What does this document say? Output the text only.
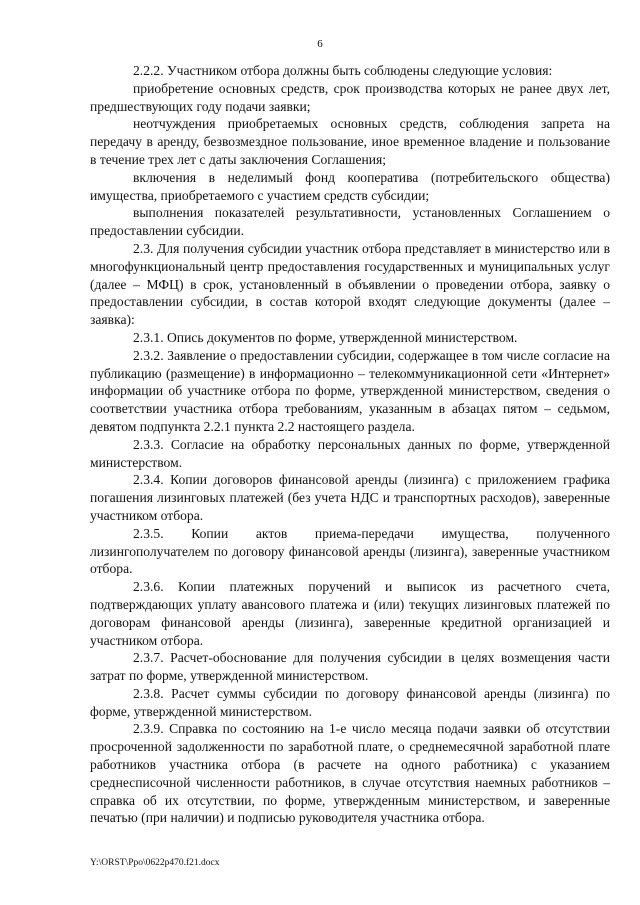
6

2.2.2. Участником отбора должны быть соблюдены следующие условия:

приобретение основных средств, срок производства которых не ранее двух лет, предшествующих году подачи заявки;

неотчуждения приобретаемых основных средств, соблюдения запрета на передачу в аренду, безвозмездное пользование, иное временное владение и пользование в течение трех лет с даты заключения Соглашения;

включения в неделимый фонд кооператива (потребительского общества) имущества, приобретаемого с участием средств субсидии;

выполнения показателей результативности, установленных Соглашением о предоставлении субсидии.

2.3. Для получения субсидии участник отбора представляет в министерство или в многофункциональный центр предоставления государственных и муниципальных услуг (далее – МФЦ) в срок, установленный в объявлении о проведении отбора, заявку о предоставлении субсидии, в состав которой входят следующие документы (далее – заявка):

2.3.1. Опись документов по форме, утвержденной министерством.

2.3.2. Заявление о предоставлении субсидии, содержащее в том числе согласие на публикацию (размещение) в информационно – телекоммуникационной сети «Интернет» информации об участнике отбора по форме, утвержденной министерством, сведения о соответствии участника отбора требованиям, указанным в абзацах пятом – седьмом, девятом подпункта 2.2.1 пункта 2.2 настоящего раздела.

2.3.3. Согласие на обработку персональных данных по форме, утвержденной министерством.

2.3.4. Копии договоров финансовой аренды (лизинга) с приложением графика погашения лизинговых платежей (без учета НДС и транспортных расходов), заверенные участником отбора.

2.3.5. Копии актов приема-передачи имущества, полученного лизингополучателем по договору финансовой аренды (лизинга), заверенные участником отбора.

2.3.6. Копии платежных поручений и выписок из расчетного счета, подтверждающих уплату авансового платежа и (или) текущих лизинговых платежей по договорам финансовой аренды (лизинга), заверенные кредитной организацией и участником отбора.

2.3.7. Расчет-обоснование для получения субсидии в целях возмещения части затрат по форме, утвержденной министерством.

2.3.8. Расчет суммы субсидии по договору финансовой аренды (лизинга) по форме, утвержденной министерством.

2.3.9. Справка по состоянию на 1-е число месяца подачи заявки об отсутствии просроченной задолженности по заработной плате, о среднемесячной заработной плате работников участника отбора (в расчете на одного работника) с указанием среднесписочной численности работников, в случае отсутствия наемных работников – справка об их отсутствии, по форме, утвержденным министерством, и заверенные печатью (при наличии) и подписью руководителя участника отбора.

Y:\ORST\Ppo\0622p470.f21.docx
